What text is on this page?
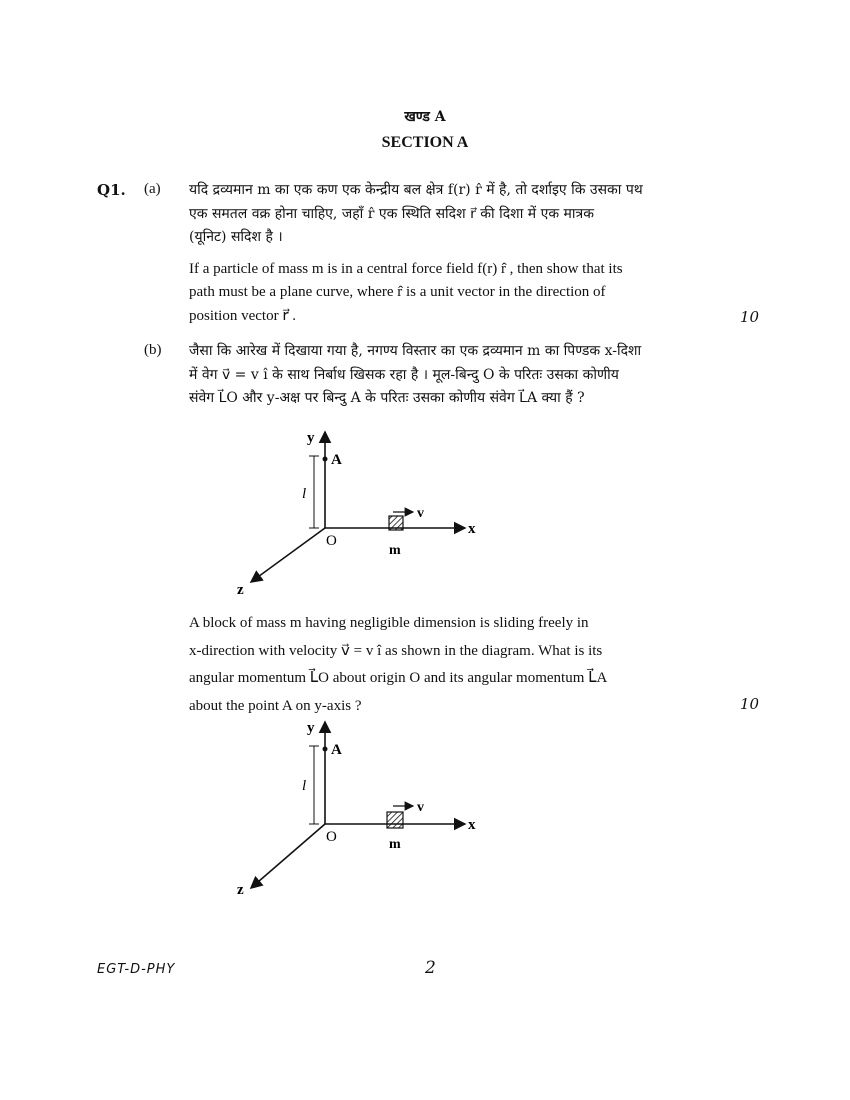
खण्ड A
SECTION A
Q1. (a) यदि द्रव्यमान m का एक कण एक केन्द्रीय बल क्षेत्र f(r) r̂ में है, तो दर्शाइए कि उसका पथ

एक समतल वक्र होना चाहिए, जहाँ r̂ एक स्थिति सदिश r⃗ की दिशा में एक मात्रक

(यूनिट) सदिश है ।

If a particle of mass m is in a central force field f(r) r̂ , then show that its

path must be a plane curve, where r̂ is a unit vector in the direction of

position vector r⃗ .	10
(b) जैसा कि आरेख में दिखाया गया है, नगण्य विस्तार का एक द्रव्यमान m का पिण्डक x-दिशा

में वेग v⃗ = v î के साथ निर्बाध खिसक रहा है । मूल-बिन्दु O के परितः उसका कोणीय

संवेग L⃗O और y-अक्ष पर बिन्दु A के परितः उसका कोणीय संवेग L⃗A क्या हैं ?

y
A
l
O
m
v
x
z

A block of mass m having negligible dimension is sliding freely in

x-direction with velocity v⃗ = v î as shown in the diagram. What is its

angular momentum L⃗O about origin O and its angular momentum L⃗A

about the point A on y-axis ?	10
y
A
l
O	m
v
x
z
EGT-D-PHY	2
